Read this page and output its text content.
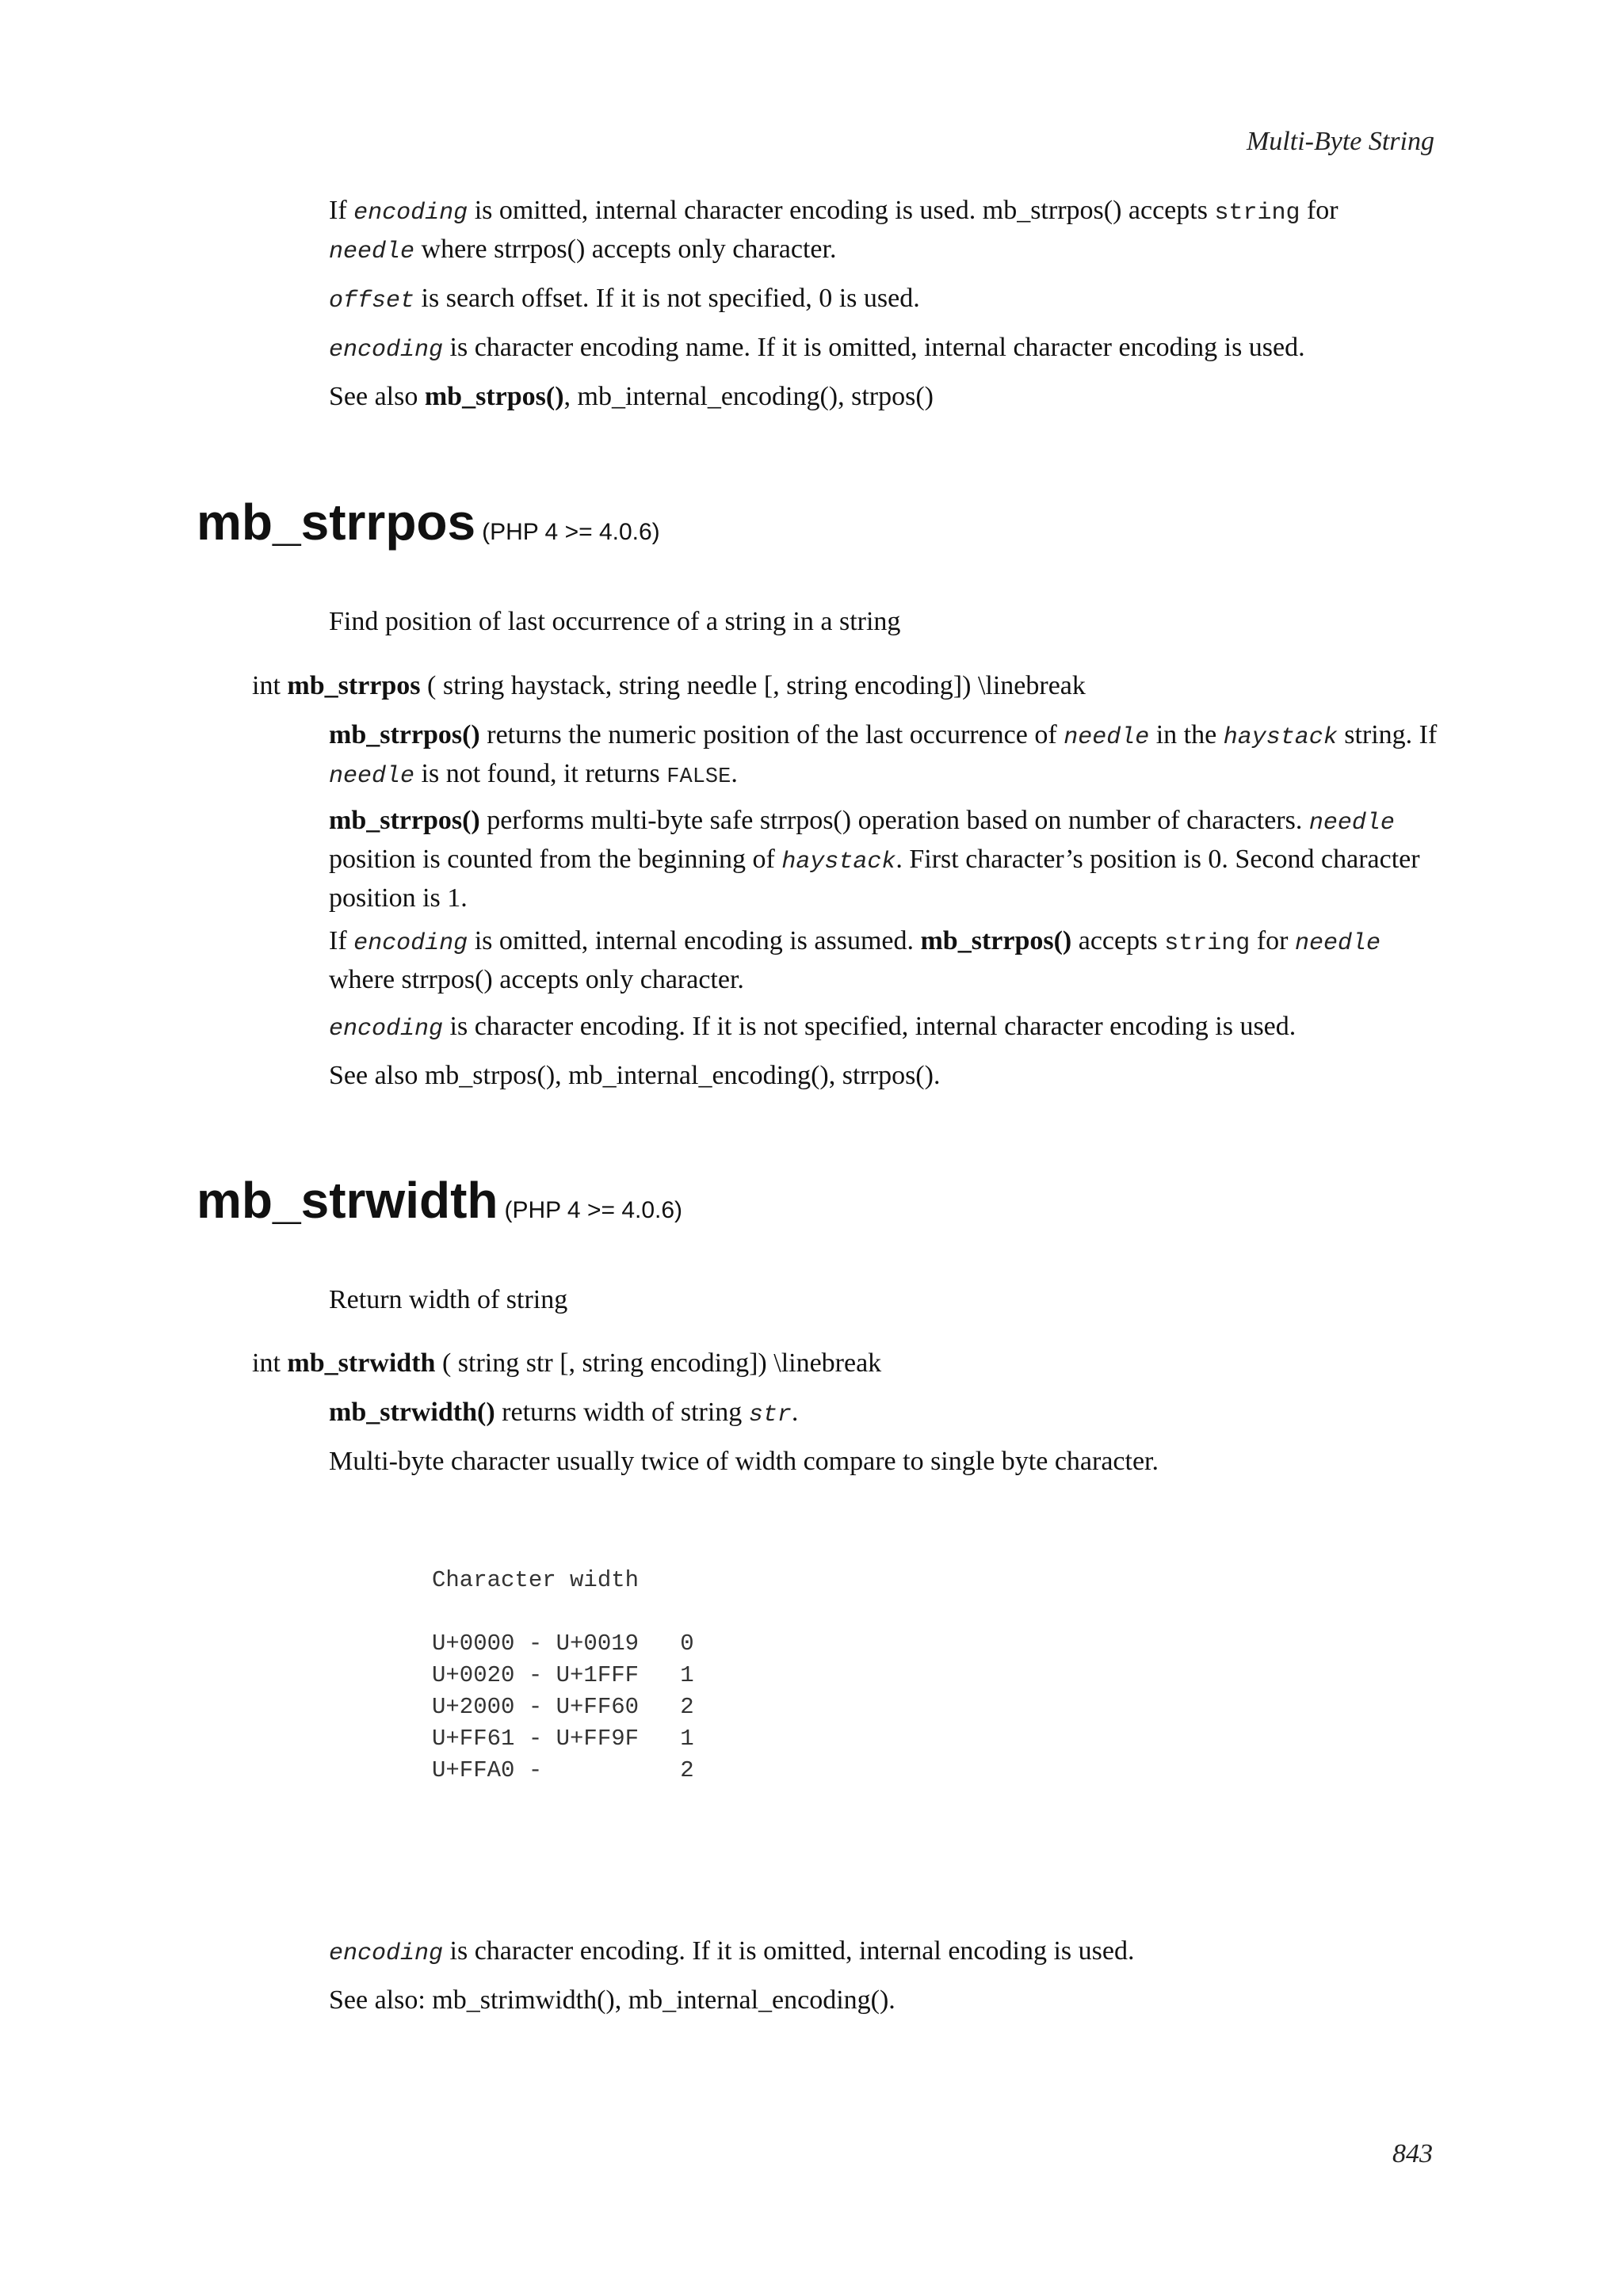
Multi-Byte String
If encoding is omitted, internal character encoding is used. mb_strrpos() accepts string for
needle where strrpos() accepts only character.
offset is search offset. If it is not specified, 0 is used.
encoding is character encoding name. If it is omitted, internal character encoding is used.
See also mb_strpos(), mb_internal_encoding(), strpos()
mb_strrpos (PHP 4 >= 4.0.6)
Find position of last occurrence of a string in a string
int mb_strrpos ( string haystack, string needle [, string encoding]) \linebreak
mb_strrpos() returns the numeric position of the last occurrence of needle in the haystack string. If needle is not found, it returns FALSE.
mb_strrpos() performs multi-byte safe strrpos() operation based on number of characters. needle position is counted from the beginning of haystack. First character’s position is 0. Second character position is 1.
If encoding is omitted, internal encoding is assumed. mb_strrpos() accepts string for needle
where strrpos() accepts only character.
encoding is character encoding. If it is not specified, internal character encoding is used.
See also mb_strpos(), mb_internal_encoding(), strrpos().
mb_strwidth (PHP 4 >= 4.0.6)
Return width of string
int mb_strwidth ( string str [, string encoding]) \linebreak
mb_strwidth() returns width of string str.
Multi-byte character usually twice of width compare to single byte character.
Character width

U+0000 - U+0019   0
U+0020 - U+1FFF   1
U+2000 - U+FF60   2
U+FF61 - U+FF9F   1
U+FFA0 -          2
encoding is character encoding. If it is omitted, internal encoding is used.
See also: mb_strimwidth(), mb_internal_encoding().
843
